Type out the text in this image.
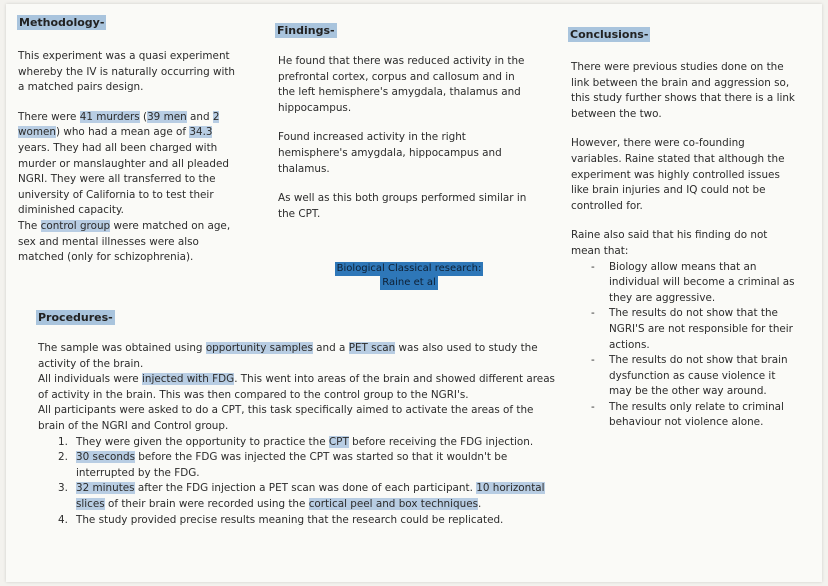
Methodology-

This experiment was a quasi experiment whereby the IV is naturally occurring with a matched pairs design.

There were 41 murders (39 men and 2 women) who had a mean age of 34.3 years. They had all been charged with murder or manslaughter and all pleaded NGRI. They were all transferred to the university of California to to test their diminished capacity.

The control group were matched on age, sex and mental illnesses were also matched (only for schizophrenia).

Findings-

He found that there was reduced activity in the prefrontal cortex, corpus and callosum and in the left hemisphere's amygdala, thalamus and hippocampus.

Found increased activity in the right hemisphere's amygdala, hippocampus and thalamus.

As well as this both groups performed similar in the CPT.

Biological Classical research:
Raine et al
Conclusions-

There were previous studies done on the link between the brain and aggression so, this study further shows that there is a link between the two.

However, there were co-founding variables. Raine stated that although the experiment was highly controlled issues like brain injuries and IQ could not be controlled for.

Raine also said that his finding do not mean that:

- Biology allow means that an individual will become a criminal as they are aggressive.
- The results do not show that the NGRI'S are not responsible for their actions.
- The results do not show that brain dysfunction as cause violence it may be the other way around.
- The results only relate to criminal behaviour not violence alone.
Procedures-

The sample was obtained using opportunity samples and a PET scan was also used to study the activity of the brain.

All individuals were injected with FDG. This went into areas of the brain and showed different areas of activity in the brain. This was then compared to the control group to the NGRI's.

All participants were asked to do a CPT, this task specifically aimed to activate the areas of the brain of the NGRI and Control group.

1. They were given the opportunity to practice the CPT before receiving the FDG injection.
2. 30 seconds before the FDG was injected the CPT was started so that it wouldn't be interrupted by the FDG.
3. 32 minutes after the FDG injection a PET scan was done of each participant. 10 horizontal slices of their brain were recorded using the cortical peel and box techniques.
4. The study provided precise results meaning that the research could be replicated.
